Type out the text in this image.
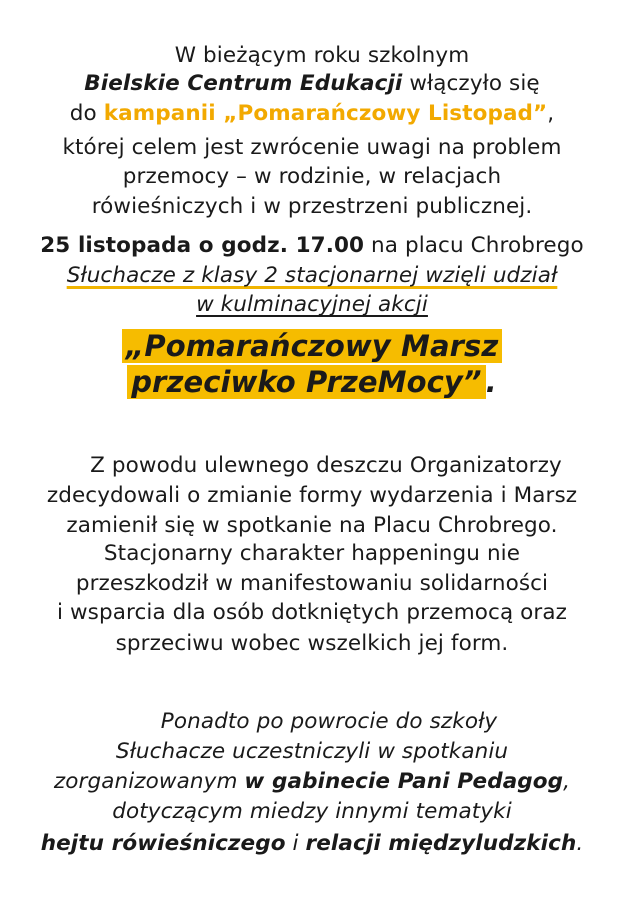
W bieżącym roku szkolnym
Bielskie Centrum Edukacji włączyło się
do kampanii „Pomarańczowy Listopad”,
której celem jest zwrócenie uwagi na problem
przemocy – w rodzinie, w relacjach
rówieśniczych i w przestrzeni publicznej.
25 listopada o godz. 17.00 na placu Chrobrego
Słuchacze z klasy 2 stacjonarnej wzięli udział
w kulminacyjnej akcji
„Pomarańczowy Marsz
przeciwko PrzeMocy” .
Z powodu ulewnego deszczu Organizatorzy
zdecydowali o zmianie formy wydarzenia i Marsz
zamienił się w spotkanie na Placu Chrobrego.
Stacjonarny charakter happeningu nie
przeszkodził w manifestowaniu solidarności
i wsparcia dla osób dotkniętych przemocą oraz
sprzeciwu wobec wszelkich jej form.
Ponadto po powrocie do szkoły
Słuchacze uczestniczyli w spotkaniu
zorganizowanym w gabinecie Pani Pedagog,
dotyczącym miedzy innymi tematyki
hejtu rówieśniczego i relacji międzyludzkich.
